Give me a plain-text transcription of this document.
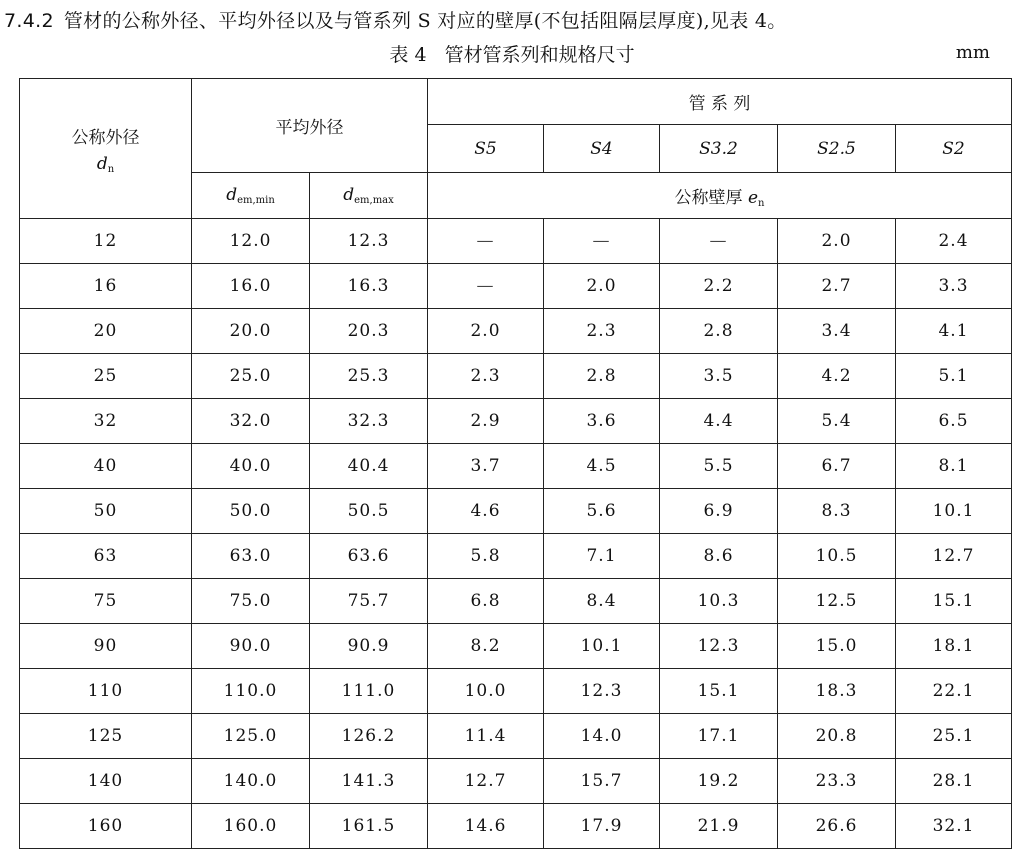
7.4.2 管材的公称外径、平均外径以及与管系列 S 对应的壁厚(不包括阻隔层厚度),见表 4。
表 4 管材管系列和规格尺寸	mm
公称外径
$d_n$	平均外径		管 系 列				
			S5	S4	S3.2	S2.5	S2
	$d_{em,min}$	$d_{em,max}$	公称壁厚 $e_n$
12	12.0	12.3	—	—	—	2.0	2.4
16	16.0	16.3	—	2.0	2.2	2.7	3.3
20	20.0	20.3	2.0	2.3	2.8	3.4	4.1
25	25.0	25.3	2.3	2.8	3.5	4.2	5.1
32	32.0	32.3	2.9	3.6	4.4	5.4	6.5
40	40.0	40.4	3.7	4.5	5.5	6.7	8.1
50	50.0	50.5	4.6	5.6	6.9	8.3	10.1
63	63.0	63.6	5.8	7.1	8.6	10.5	12.7
75	75.0	75.7	6.8	8.4	10.3	12.5	15.1
90	90.0	90.9	8.2	10.1	12.3	15.0	18.1
110	110.0	111.0	10.0	12.3	15.1	18.3	22.1
125	125.0	126.2	11.4	14.0	17.1	20.8	25.1
140	140.0	141.3	12.7	15.7	19.2	23.3	28.1
160	160.0	161.5	14.6	17.9	21.9	26.6	32.1
